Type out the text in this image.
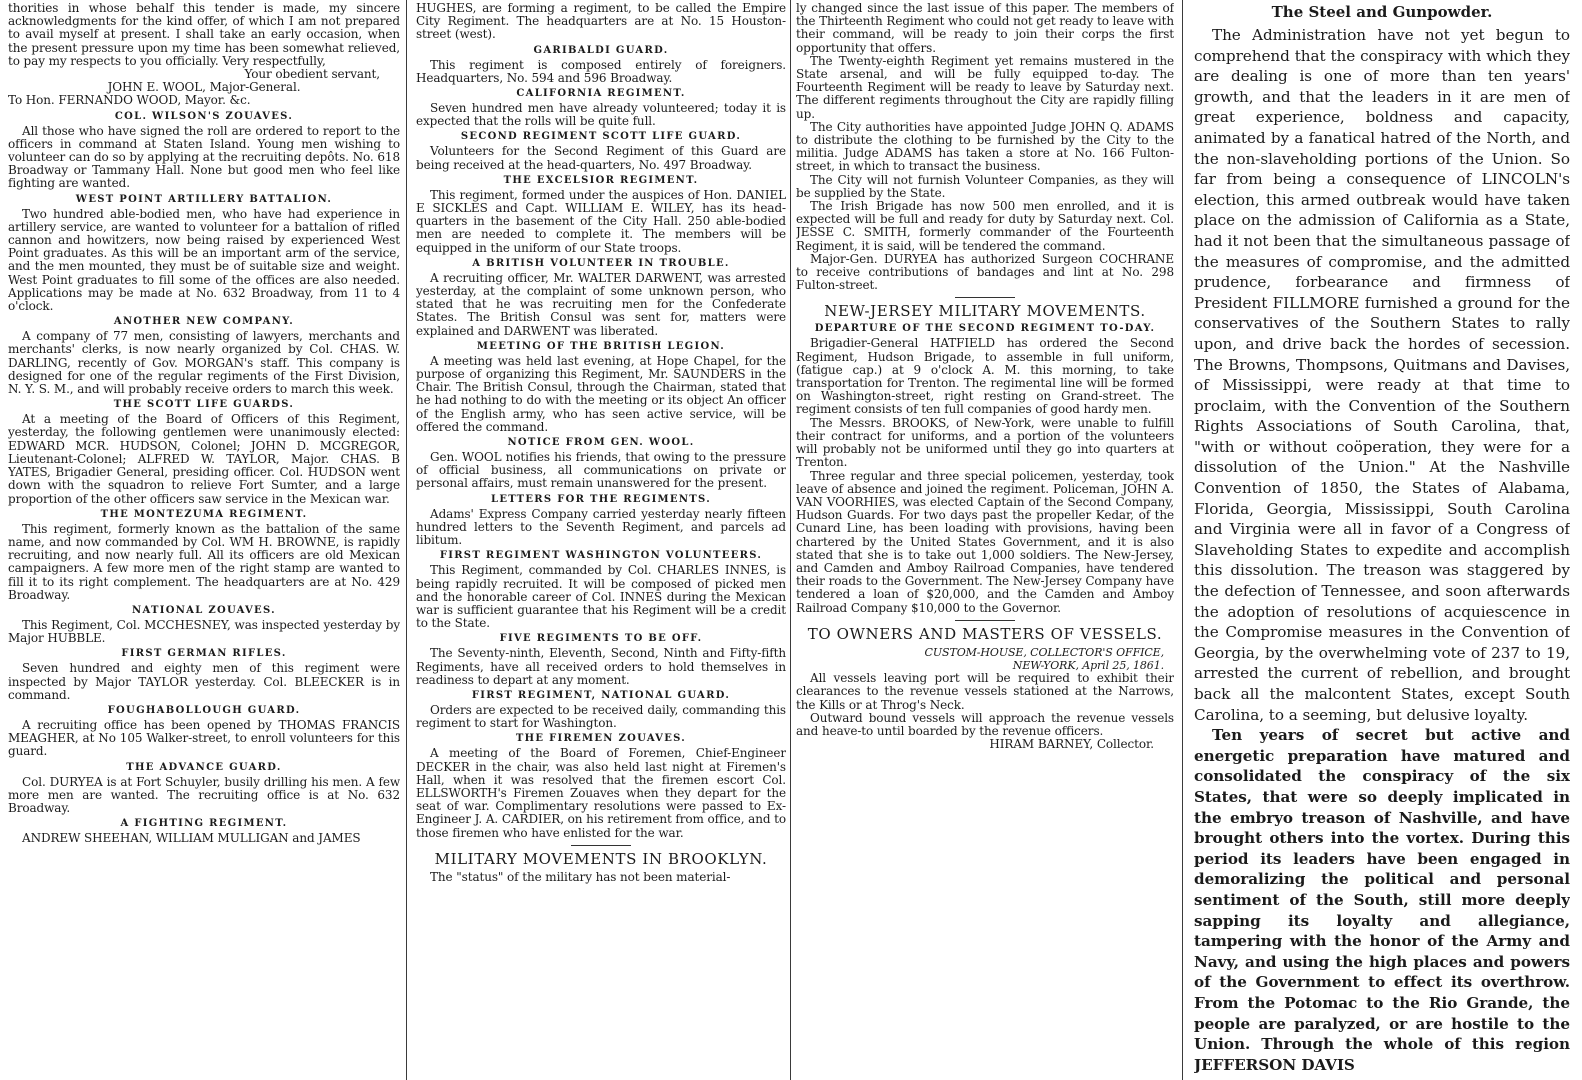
thorities in whose behalf this tender is made, my sincere acknowledgments for the kind offer, of which I am not prepared to avail myself at present. I shall take an early occasion, when the present pressure upon my time has been somewhat relieved, to pay my respects to you officially. Very respectfully,

Your obedient servant,

JOHN E. WOOL, Major-General.

To Hon. FERNANDO WOOD, Mayor. &c.

COL. WILSON'S ZOUAVES.

All those who have signed the roll are ordered to report to the officers in command at Staten Island. Young men wishing to volunteer can do so by applying at the recruiting depôts. No. 618 Broadway or Tammany Hall. None but good men who feel like fighting are wanted.

WEST POINT ARTILLERY BATTALION.

Two hundred able-bodied men, who have had experience in artillery service, are wanted to volunteer for a battalion of rifled cannon and howitzers, now being raised by experienced West Point graduates. As this will be an important arm of the service, and the men mounted, they must be of suitable size and weight. West Point graduates to fill some of the offices are also needed. Applications may be made at No. 632 Broadway, from 11 to 4 o'clock.

ANOTHER NEW COMPANY.

A company of 77 men, consisting of lawyers, merchants and merchants' clerks, is now nearly organized by Col. CHAS. W. DARLING, recently of Gov. MORGAN's staff. This company is designed for one of the regular regiments of the First Division, N. Y. S. M., and will probably receive orders to march this week.

THE SCOTT LIFE GUARDS.

At a meeting of the Board of Officers of this Regiment, yesterday, the following gentlemen were unanimously elected: EDWARD MCR. HUDSON, Colonel; JOHN D. MCGREGOR, Lieutenant-Colonel; ALFRED W. TAYLOR, Major. CHAS. B YATES, Brigadier General, presiding officer. Col. HUDSON went down with the squadron to relieve Fort Sumter, and a large proportion of the other officers saw service in the Mexican war.

THE MONTEZUMA REGIMENT.

This regiment, formerly known as the battalion of the same name, and now commanded by Col. WM H. BROWNE, is rapidly recruiting, and now nearly full. All its officers are old Mexican campaigners. A few more men of the right stamp are wanted to fill it to its right complement. The headquarters are at No. 429 Broadway.

NATIONAL ZOUAVES.

This Regiment, Col. MCCHESNEY, was inspected yesterday by Major HUBBLE.

FIRST GERMAN RIFLES.

Seven hundred and eighty men of this regiment were inspected by Major TAYLOR yesterday. Col. BLEECKER is in command.

FOUGHABOLLOUGH GUARD.

A recruiting office has been opened by THOMAS FRANCIS MEAGHER, at No 105 Walker-street, to enroll volunteers for this guard.

THE ADVANCE GUARD.

Col. DURYEA is at Fort Schuyler, busily drilling his men. A few more men are wanted. The recruiting office is at No. 632 Broadway.

A FIGHTING REGIMENT.

ANDREW SHEEHAN, WILLIAM MULLIGAN and JAMES

HUGHES, are forming a regiment, to be called the Empire City Regiment. The headquarters are at No. 15 Houston-street (west).

GARIBALDI GUARD.

This regiment is composed entirely of foreigners. Headquarters, No. 594 and 596 Broadway.

CALIFORNIA REGIMENT.

Seven hundred men have already volunteered; today it is expected that the rolls will be quite full.

SECOND REGIMENT SCOTT LIFE GUARD.

Volunteers for the Second Regiment of this Guard are being received at the head-quarters, No. 497 Broadway.

THE EXCELSIOR REGIMENT.

This regiment, formed under the auspices of Hon. DANIEL E SICKLES and Capt. WILLIAM E. WILEY, has its head-quarters in the basement of the City Hall. 250 able-bodied men are needed to complete it. The members will be equipped in the uniform of our State troops.

A BRITISH VOLUNTEER IN TROUBLE.

A recruiting officer, Mr. WALTER DARWENT, was arrested yesterday, at the complaint of some unknown person, who stated that he was recruiting men for the Confederate States. The British Consul was sent for, matters were explained and DARWENT was liberated.

MEETING OF THE BRITISH LEGION.

A meeting was held last evening, at Hope Chapel, for the purpose of organizing this Regiment, Mr. SAUNDERS in the Chair. The British Consul, through the Chairman, stated that he had nothing to do with the meeting or its object An officer of the English army, who has seen active service, will be offered the command.

NOTICE FROM GEN. WOOL.

Gen. WOOL notifies his friends, that owing to the pressure of official business, all communications on private or personal affairs, must remain unanswered for the present.

LETTERS FOR THE REGIMENTS.

Adams' Express Company carried yesterday nearly fifteen hundred letters to the Seventh Regiment, and parcels ad libitum.

FIRST REGIMENT WASHINGTON VOLUNTEERS.

This Regiment, commanded by Col. CHARLES INNES, is being rapidly recruited. It will be composed of picked men and the honorable career of Col. INNES during the Mexican war is sufficient guarantee that his Regiment will be a credit to the State.

FIVE REGIMENTS TO BE OFF.

The Seventy-ninth, Eleventh, Second, Ninth and Fifty-fifth Regiments, have all received orders to hold themselves in readiness to depart at any moment.

FIRST REGIMENT, NATIONAL GUARD.

Orders are expected to be received daily, commanding this regiment to start for Washington.

THE FIREMEN ZOUAVES.

A meeting of the Board of Foremen, Chief-Engineer DECKER in the chair, was also held last night at Firemen's Hall, when it was resolved that the firemen escort Col. ELLSWORTH's Firemen Zouaves when they depart for the seat of war. Complimentary resolutions were passed to Ex-Engineer J. A. CARDIER, on his retirement from office, and to those firemen who have enlisted for the war.

MILITARY MOVEMENTS IN BROOKLYN.

The "status" of the military has not been material-

ly changed since the last issue of this paper. The members of the Thirteenth Regiment who could not get ready to leave with their command, will be ready to join their corps the first opportunity that offers.

The Twenty-eighth Regiment yet remains mustered in the State arsenal, and will be fully equipped to-day. The Fourteenth Regiment will be ready to leave by Saturday next. The different regiments throughout the City are rapidly filling up.

The City authorities have appointed Judge JOHN Q. ADAMS to distribute the clothing to be furnished by the City to the militia. Judge ADAMS has taken a store at No. 166 Fulton-street, in which to transact the business.

The City will not furnish Volunteer Companies, as they will be supplied by the State.

The Irish Brigade has now 500 men enrolled, and it is expected will be full and ready for duty by Saturday next. Col. JESSE C. SMITH, formerly commander of the Fourteenth Regiment, it is said, will be tendered the command.

Major-Gen. DURYEA has authorized Surgeon COCHRANE to receive contributions of bandages and lint at No. 298 Fulton-street.

NEW-JERSEY MILITARY MOVEMENTS.
DEPARTURE OF THE SECOND REGIMENT TO-DAY.

Brigadier-General HATFIELD has ordered the Second Regiment, Hudson Brigade, to assemble in full uniform, (fatigue cap.) at 9 o'clock A. M. this morning, to take transportation for Trenton. The regimental line will be formed on Washington-street, right resting on Grand-street. The regiment consists of ten full companies of good hardy men.

The Messrs. BROOKS, of New-York, were unable to fulfill their contract for uniforms, and a portion of the volunteers will probably not be uniformed until they go into quarters at Trenton.

Three regular and three special policemen, yesterday, took leave of absence and joined the regiment. Policeman, JOHN A. VAN VOORHIES, was elected Captain of the Second Company, Hudson Guards. For two days past the propeller Kedar, of the Cunard Line, has been loading with provisions, having been chartered by the United States Government, and it is also stated that she is to take out 1,000 soldiers. The New-Jersey, and Camden and Amboy Railroad Companies, have tendered their roads to the Government. The New-Jersey Company have tendered a loan of $20,000, and the Camden and Amboy Railroad Company $10,000 to the Governor.

TO OWNERS AND MASTERS OF VESSELS.

CUSTOM-HOUSE, COLLECTOR'S OFFICE,

NEW-YORK, April 25, 1861.

All vessels leaving port will be required to exhibit their clearances to the revenue vessels stationed at the Narrows, the Kills or at Throg's Neck.

Outward bound vessels will approach the revenue vessels and heave-to until boarded by the revenue officers.

HIRAM BARNEY, Collector.

The Steel and Gunpowder.

The Administration have not yet begun to comprehend that the conspiracy with which they are dealing is one of more than ten years' growth, and that the leaders in it are men of great experience, boldness and capacity, animated by a fanatical hatred of the North, and the non-slaveholding portions of the Union. So far from being a consequence of LINCOLN's election, this armed outbreak would have taken place on the admission of California as a State, had it not been that the simultaneous passage of the measures of compromise, and the admitted prudence, forbearance and firmness of President FILLMORE furnished a ground for the conservatives of the Southern States to rally upon, and drive back the hordes of secession. The Browns, Thompsons, Quitmans and Davises, of Mississippi, were ready at that time to proclaim, with the Convention of the Southern Rights Associations of South Carolina, that, "with or without coöperation, they were for a dissolution of the Union." At the Nashville Convention of 1850, the States of Alabama, Florida, Georgia, Mississippi, South Carolina and Virginia were all in favor of a Congress of Slaveholding States to expedite and accomplish this dissolution. The treason was staggered by the defection of Tennessee, and soon afterwards the adoption of resolutions of acquiescence in the Compromise measures in the Convention of Georgia, by the overwhelming vote of 237 to 19, arrested the current of rebellion, and brought back all the malcontent States, except South Carolina, to a seeming, but delusive loyalty.

Ten years of secret but active and energetic preparation have matured and consolidated the conspiracy of the six States, that were so deeply implicated in the embryo treason of Nashville, and have brought others into the vortex. During this period its leaders have been engaged in demoralizing the political and personal sentiment of the South, still more deeply sapping its loyalty and allegiance, tampering with the honor of the Army and Navy, and using the high places and powers of the Government to effect its overthrow. From the Potomac to the Rio Grande, the people are paralyzed, or are hostile to the Union. Through the whole of this region JEFFERSON DAVIS
